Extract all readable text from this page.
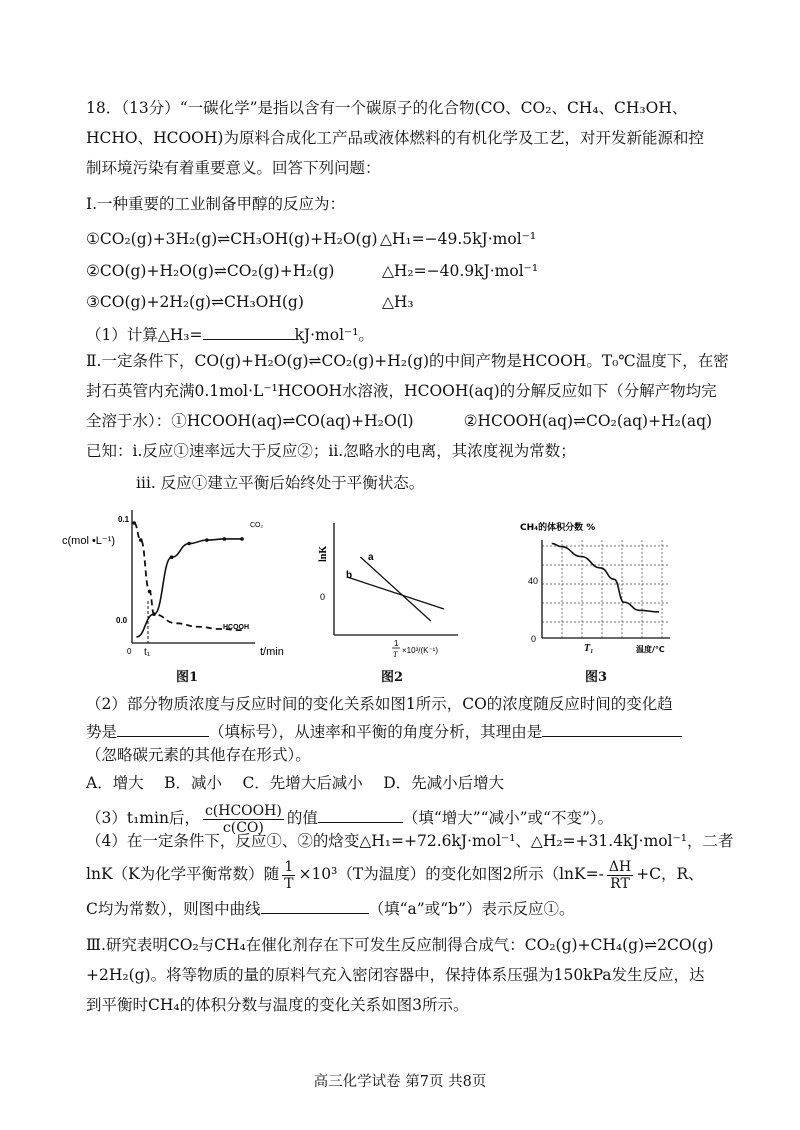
18．（13分）“一碳化学”是指以含有一个碳原子的化合物(CO、CO₂、CH₄、CH₃OH、
HCHO、HCOOH)为原料合成化工产品或液体燃料的有机化学及工艺，对开发新能源和控
制环境污染有着重要意义。回答下列问题：
Ⅰ.一种重要的工业制备甲醇的反应为：
①CO₂(g)+3H₂(g)⇌CH₃OH(g)+H₂O(g) △H₁=−49.5kJ·mol⁻¹
②CO(g)+H₂O(g)⇌CO₂(g)+H₂(g)	△H₂=−40.9kJ·mol⁻¹
③CO(g)+2H₂(g)⇌CH₃OH(g)	△H₃
（1）计算△H₃=	kJ·mol⁻¹。
Ⅱ.一定条件下，CO(g)+H₂O(g)⇌CO₂(g)+H₂(g)的中间产物是HCOOH。T₀℃温度下，在密
封石英管内充满0.1mol·L⁻¹HCOOH水溶液，HCOOH(aq)的分解反应如下（分解产物均完
全溶于水）：①HCOOH(aq)⇌CO(aq)+H₂O(l)	②HCOOH(aq)⇌CO₂(aq)+H₂(aq)
已知：ⅰ.反应①速率远大于反应②；ⅱ.忽略水的电离，其浓度视为常数；
ⅲ. 反应①建立平衡后始终处于平衡状态。
c(mol •L⁻¹)
0.1
0.0
0 t₁	t/min
CO₂
HCOOH
图1
lnK
0
a
b
1
T ×10³/(K⁻¹)
图2
CH₄的体积分数 %
40
0
T₁	温度/℃
图3
（2）部分物质浓度与反应时间的变化关系如图1所示，CO的浓度随反应时间的变化趋
势是	（填标号），从速率和平衡的角度分析，其理由是
（忽略碳元素的其他存在形式）。
A．增大　 B．减小　 C．先增大后减小　 D．先减小后增大
（3）t₁min后， $\frac{\text{c(HCOOH)}}{c(CO)}$ 的值	（填“增大”“减小”或“不变”）。
（4）在一定条件下，反应①、②的焓变△H₁=+72.6kJ·mol⁻¹、△H₂=+31.4kJ·mol⁻¹，二者
lnK（K为化学平衡常数）随 $\frac{1}{T} \times 10^3(T$为温度）的变化如图2所示（$\ln K=- \frac{\Delta H}{RT} +C$，R、
C均为常数），则图中曲线	（填“a”或“b”）表示反应①。
Ⅲ.研究表明CO₂与CH₄在催化剂存在下可发生反应制得合成气：CO₂(g)+CH₄(g)⇌2CO(g)
+2H₂(g)。将等物质的量的原料气充入密闭容器中，保持体系压强为150kPa发生反应，达
到平衡时CH₄的体积分数与温度的变化关系如图3所示。
高三化学试卷 第7页 共8页
